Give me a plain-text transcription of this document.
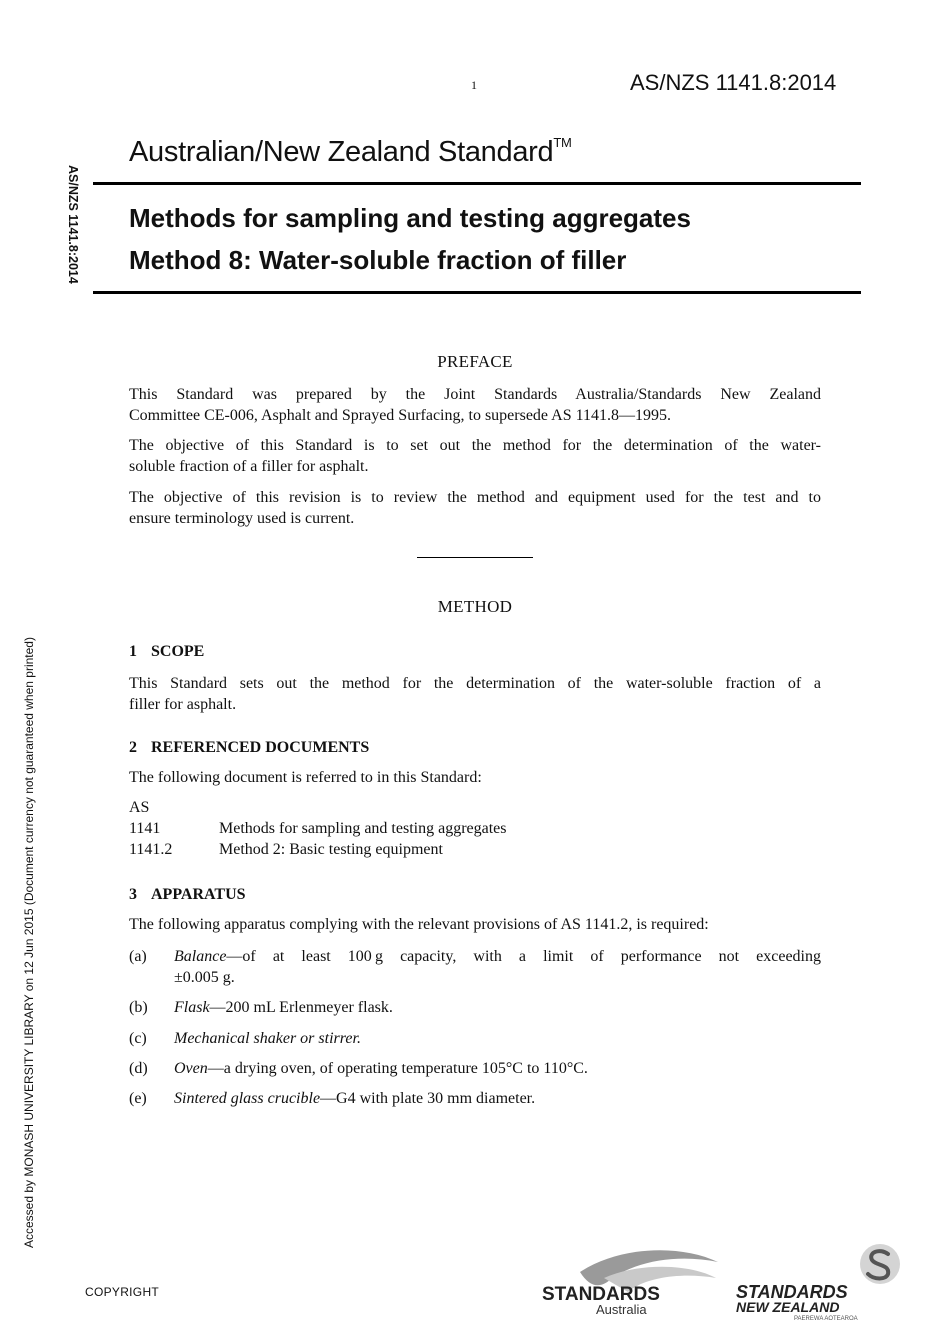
1	AS/NZS 1141.8:2014
AS/NZS 1141.8:2014
Accessed by MONASH UNIVERSITY LIBRARY on 12 Jun 2015 (Document currency not guaranteed when printed)
Australian/New Zealand Standard™
Methods for sampling and testing aggregates
Method 8: Water-soluble fraction of filler
PREFACE
This Standard was prepared by the Joint Standards Australia/Standards New Zealand
Committee CE-006, Asphalt and Sprayed Surfacing, to supersede AS 1141.8—1995.
The objective of this Standard is to set out the method for the determination of the water-
soluble fraction of a filler for asphalt.
The objective of this revision is to review the method and equipment used for the test and to
ensure terminology used is current.
METHOD
1 SCOPE
This Standard sets out the method for the determination of the water-soluble fraction of a
filler for asphalt.
2 REFERENCED DOCUMENTS
The following document is referred to in this Standard:
AS
1141	Methods for sampling and testing aggregates
1141.2	Method 2: Basic testing equipment
3 APPARATUS
The following apparatus complying with the relevant provisions of AS 1141.2, is required:
(a) Balance—of at least 100 g capacity, with a limit of performance not exceeding
±0.005 g.
(b) Flask—200 mL Erlenmeyer flask.
(c) Mechanical shaker or stirrer.
(d) Oven—a drying oven, of operating temperature 105°C to 110°C.
(e) Sintered glass crucible—G4 with plate 30 mm diameter.
COPYRIGHT	STANDARDS
Australia
STANDARDS
NEW ZEALAND
PAEREWA AOTEAROA
